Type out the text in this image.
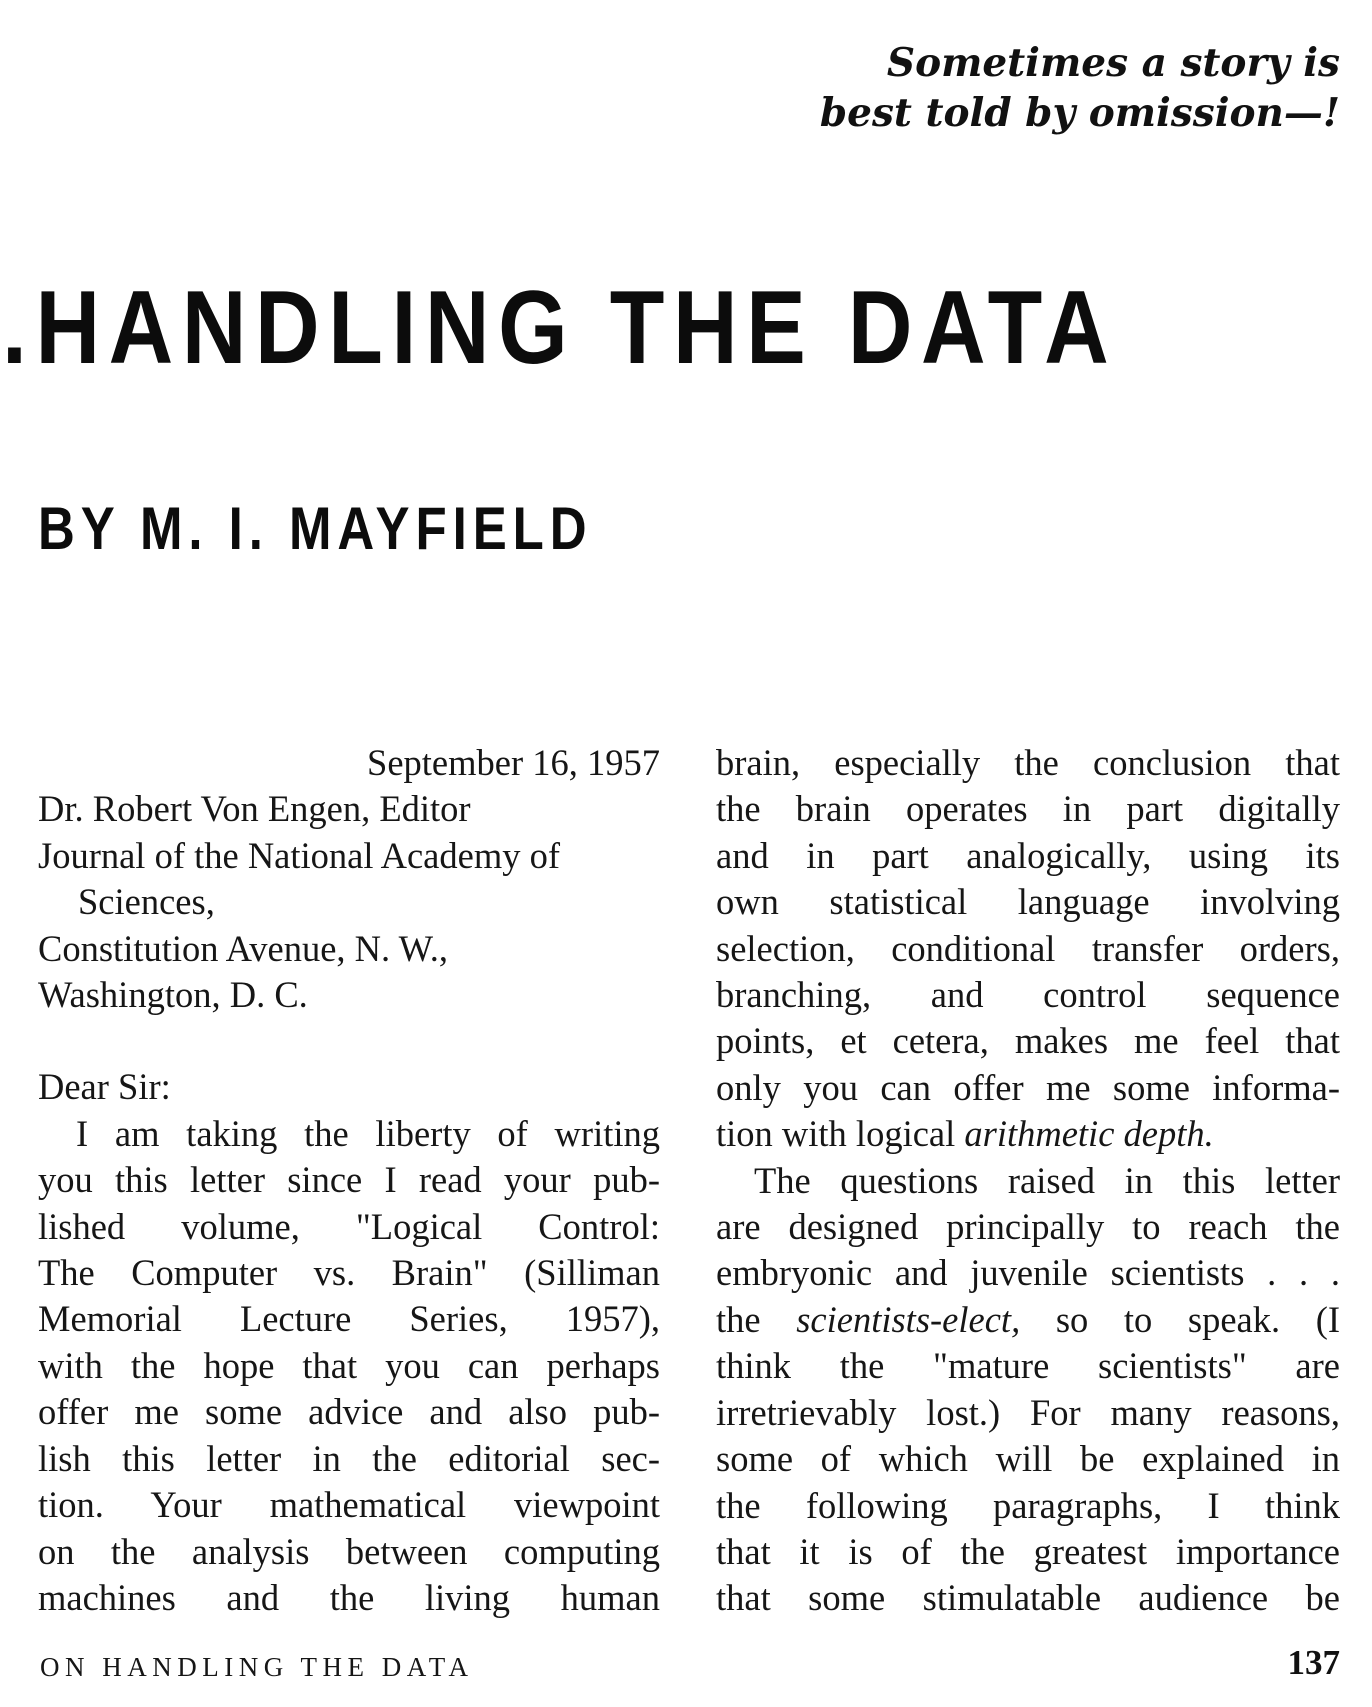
Sometimes a story is
best told by omission—!
.HANDLING THE DATA
BY M. I. MAYFIELD
September 16, 1957
Dr. Robert Von Engen, Editor
Journal of the National Academy of
Sciences,
Constitution Avenue, N. W.,
Washington, D. C.
Dear Sir:
I am taking the liberty of writing
you this letter since I read your pub-
lished volume, "Logical Control:
The Computer vs. Brain" (Silliman
Memorial Lecture Series, 1957),
with the hope that you can perhaps
offer me some advice and also pub-
lish this letter in the editorial sec-
tion. Your mathematical viewpoint
on the analysis between computing
machines and the living human
brain, especially the conclusion that
the brain operates in part digitally
and in part analogically, using its
own statistical language involving
selection, conditional transfer orders,
branching, and control sequence
points, et cetera, makes me feel that
only you can offer me some informa-
tion with logical arithmetic depth.
The questions raised in this letter
are designed principally to reach the
embryonic and juvenile scientists . . .
the scientists-elect, so to speak. (I
think the "mature scientists" are
irretrievably lost.) For many reasons,
some of which will be explained in
the following paragraphs, I think
that it is of the greatest importance
that some stimulatable audience be
ON HANDLING THE DATA	137
